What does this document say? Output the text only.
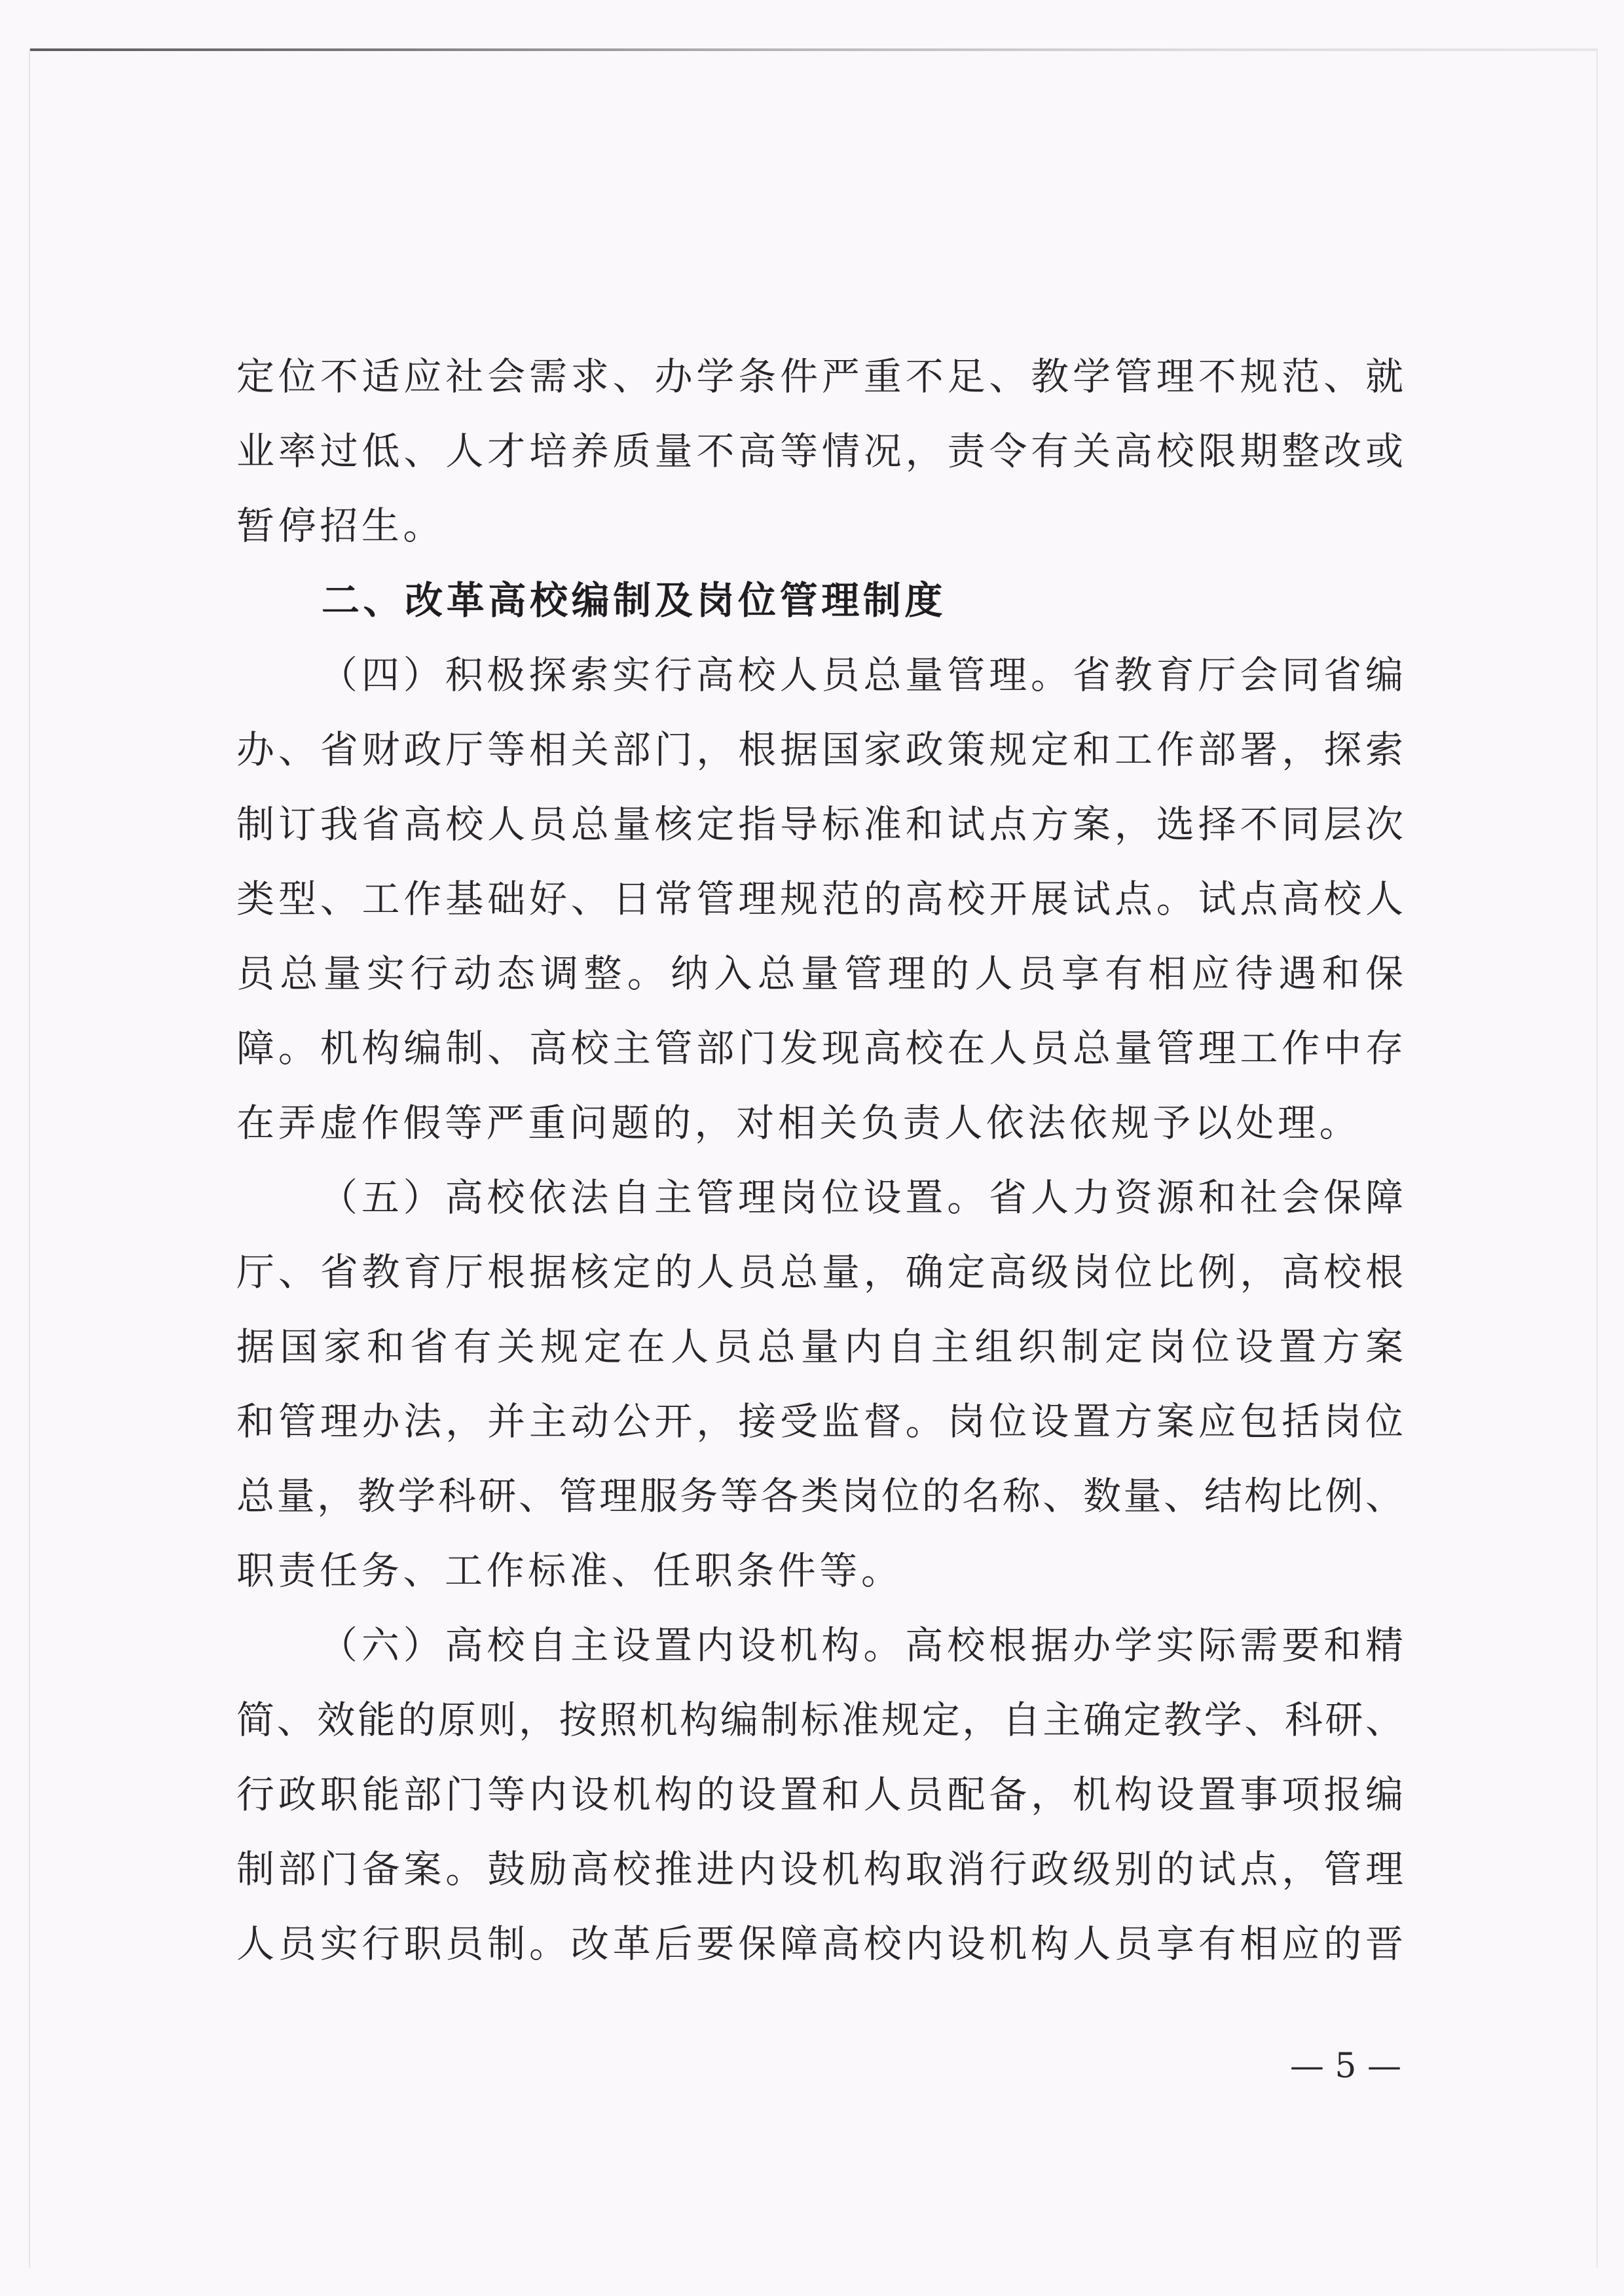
定位不适应社会需求、办学条件严重不足、教学管理不规范、就
业率过低、人才培养质量不高等情况，责令有关高校限期整改或
暂停招生。
二、改革高校编制及岗位管理制度
（四）积极探索实行高校人员总量管理。省教育厅会同省编
办、省财政厅等相关部门，根据国家政策规定和工作部署，探索
制订我省高校人员总量核定指导标准和试点方案，选择不同层次
类型、工作基础好、日常管理规范的高校开展试点。试点高校人
员总量实行动态调整。纳入总量管理的人员享有相应待遇和保
障。机构编制、高校主管部门发现高校在人员总量管理工作中存
在弄虚作假等严重问题的，对相关负责人依法依规予以处理。
（五）高校依法自主管理岗位设置。省人力资源和社会保障
厅、省教育厅根据核定的人员总量，确定高级岗位比例，高校根
据国家和省有关规定在人员总量内自主组织制定岗位设置方案
和管理办法，并主动公开，接受监督。岗位设置方案应包括岗位
总量，教学科研、管理服务等各类岗位的名称、数量、结构比例、
职责任务、工作标准、任职条件等。
（六）高校自主设置内设机构。高校根据办学实际需要和精
简、效能的原则，按照机构编制标准规定，自主确定教学、科研、
行政职能部门等内设机构的设置和人员配备，机构设置事项报编
制部门备案。鼓励高校推进内设机构取消行政级别的试点，管理
人员实行职员制。改革后要保障高校内设机构人员享有相应的晋
— 5 —
